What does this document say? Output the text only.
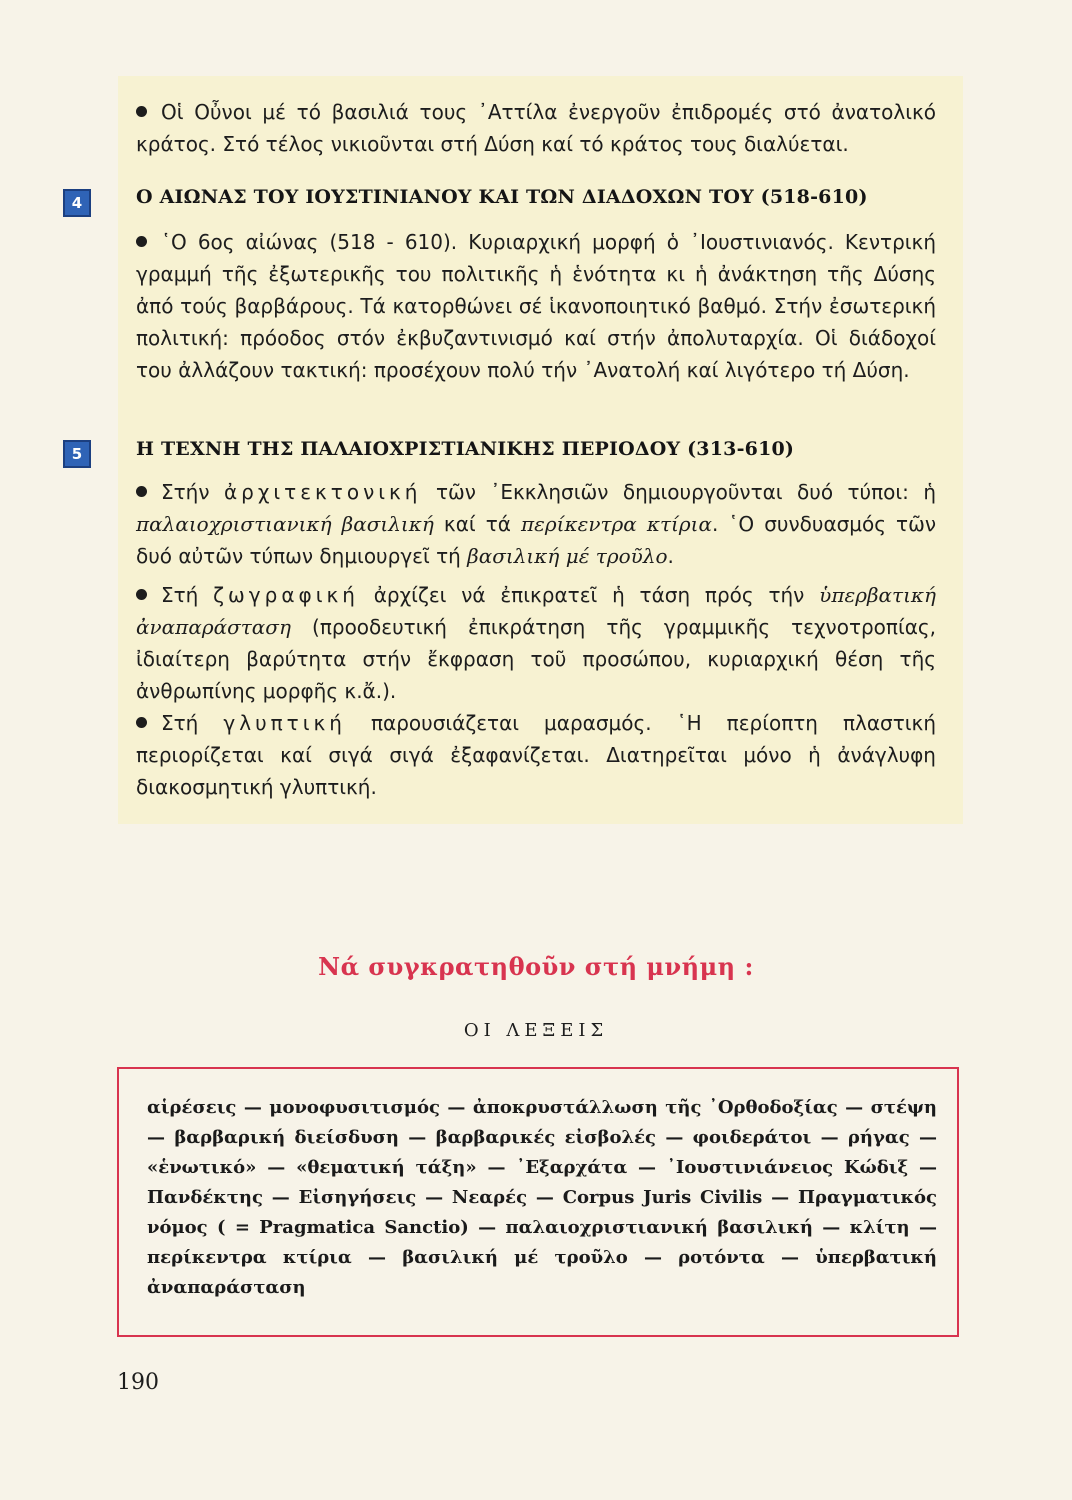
Οἱ Οὖνοι μέ τό βασιλιά τους ᾿Αττίλα ἐνεργοῦν ἐπιδρομές στό ἀνατολικό κράτος. Στό τέλος νικιοῦνται στή Δύση καί τό κράτος τους διαλύεται.

4	Ο ΑΙΩΝΑΣ ΤΟΥ ΙΟΥΣΤΙΝΙΑΝΟΥ ΚΑΙ ΤΩΝ ΔΙΑΔΟΧΩΝ ΤΟΥ (518-610)

῾Ο 6ος αἰώνας (518 - 610). Κυριαρχική μορφή ὁ ᾿Ιουστινιανός. Κεντρική γραμμή τῆς ἐξωτερικῆς του πολιτικῆς ἡ ἑνότητα κι ἡ ἀνάκτηση τῆς Δύσης ἀπό τούς βαρβάρους. Τά κατορθώνει σέ ἱκανοποιητικό βαθμό. Στήν ἐσωτερική πολιτική: πρόοδος στόν ἐκβυζαντινισμό καί στήν ἀπολυταρχία. Οἱ διάδοχοί του ἀλλάζουν τακτική: προσέχουν πολύ τήν ᾿Ανατολή καί λιγότερο τή Δύση.

5	Η ΤΕΧΝΗ ΤΗΣ ΠΑΛΑΙΟΧΡΙΣΤΙΑΝΙΚΗΣ ΠΕΡΙΟΔΟΥ (313-610)

Στήν ἀρχιτεκτονική τῶν ᾿Εκκλησιῶν δημιουργοῦνται δυό τύποι: ἡ παλαιοχριστιανική βασιλική καί τά περίκεντρα κτίρια. ῾Ο συνδυασμός τῶν δυό αὐτῶν τύπων δημιουργεῖ τή βασιλική μέ τροῦλο.

Στή ζωγραφική ἀρχίζει νά ἐπικρατεῖ ἡ τάση πρός τήν ὑπερβατική ἀναπαράσταση (προοδευτική ἐπικράτηση τῆς γραμμικῆς τεχνοτροπίας, ἰδιαίτερη βαρύτητα στήν ἔκφραση τοῦ προσώπου, κυριαρχική θέση τῆς ἀνθρωπίνης μορφῆς κ.ἄ.).

Στή γλυπτική παρουσιάζεται μαρασμός. ῾Η περίοπτη πλαστική περιορίζεται καί σιγά σιγά ἐξαφανίζεται. Διατηρεῖται μόνο ἡ ἀνάγλυφη διακοσμητική γλυπτική.

Νά συγκρατηθοῦν στή μνήμη :
ΟΙ ΛΕΞΕΙΣ

αἱρέσεις — μονοφυσιτισμός — ἀποκρυστάλλωση τῆς ᾿Ορθοδοξίας — στέψη — βαρβαρική διείσδυση — βαρβαρικές εἰσβολές — φοιδεράτοι — ρήγας — «ἑνωτικό» — «θεματική τάξη» — ᾿Εξαρχάτα — ᾿Ιουστινιάνειος Κώδιξ — Πανδέκτης — Εἰσηγήσεις — Νεαρές — Corpus Juris Civilis — Πραγματικός νόμος ( = Pragmatica Sanctio) — παλαιοχριστιανική βασιλική — κλίτη — περίκεντρα κτίρια — βασιλική μέ τροῦλο — ροτόντα — ὑπερβατική ἀναπαράσταση

190
